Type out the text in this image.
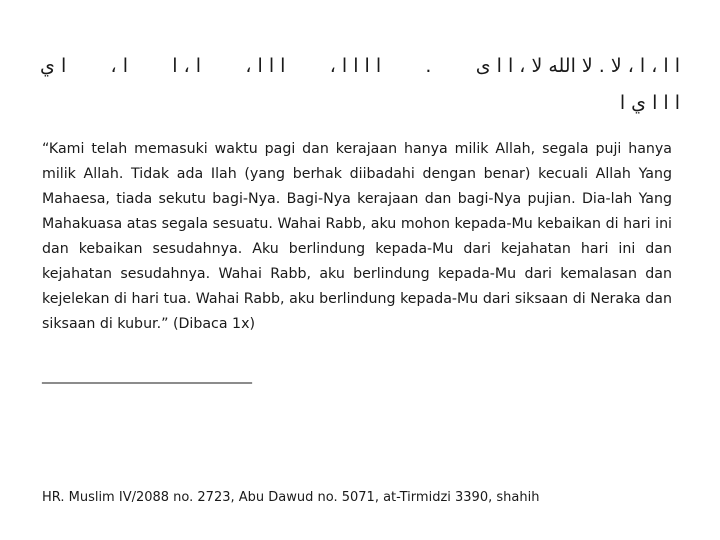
ا ا ، ا ، لا . لا الله لا ، ا ا ى
.
ا ا ا ا ،
ا ا ا ،
ا ، ا
ا ،
ا ي
ا ا ا ي ا
“Kami telah memasuki waktu pagi dan kerajaan hanya milik Allah, segala puji hanya milik Allah. Tidak ada Ilah (yang berhak diibadahi dengan benar) kecuali Allah Yang Mahaesa, tiada sekutu bagi-Nya. Bagi-Nya kerajaan dan bagi-Nya pujian. Dia-lah Yang Mahakuasa atas segala sesuatu. Wahai Rabb, aku mohon kepada-Mu kebaikan di hari ini dan kebaikan sesudahnya. Aku berlindung kepada-Mu dari kejahatan hari ini dan kejahatan sesudahnya. Wahai Rabb, aku berlindung kepada-Mu dari kemalasan dan kejelekan di hari tua. Wahai Rabb, aku berlindung kepada-Mu dari siksaan di Neraka dan siksaan di kubur.” (Dibaca 1x)
______________________________
HR. Muslim IV/2088 no. 2723, Abu Dawud no. 5071, at-Tirmidzi 3390, shahih
